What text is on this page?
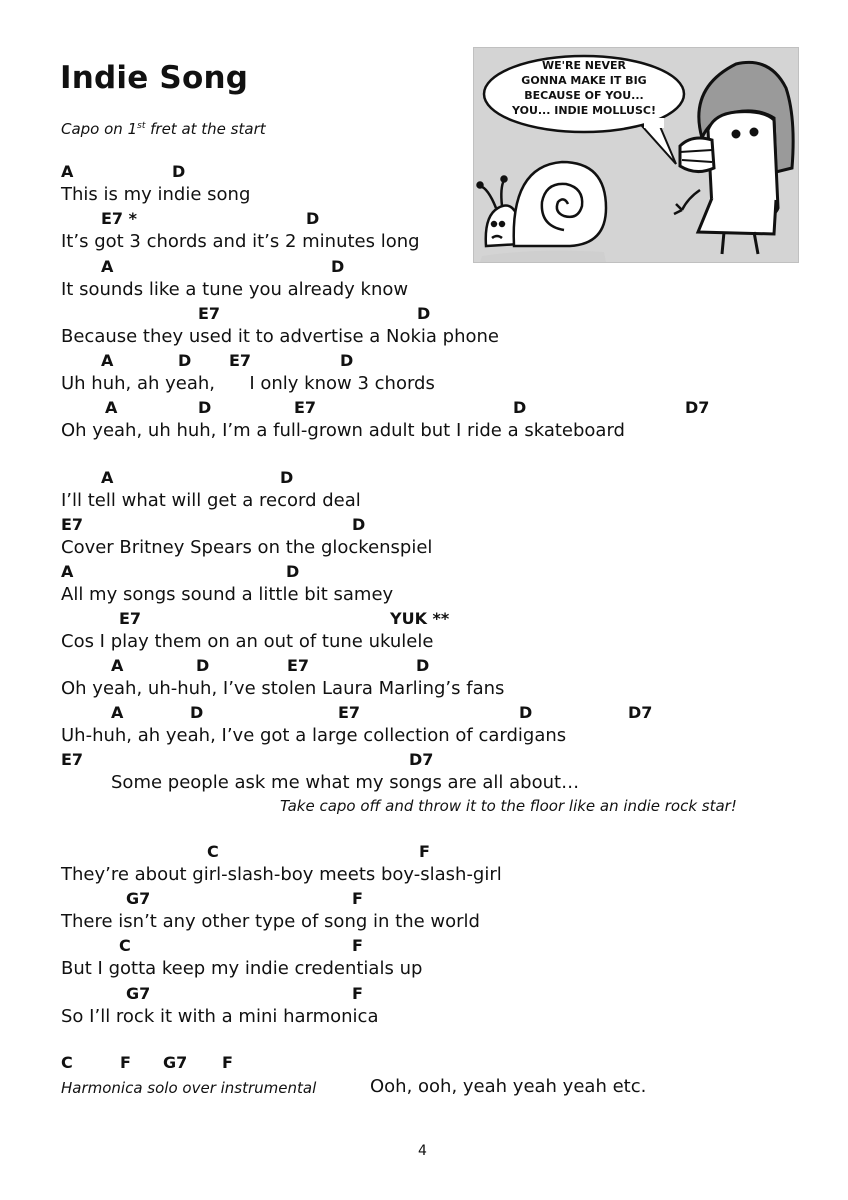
Indie Song
Capo on 1st fret at the start
WE'RE NEVER
GONNA MAKE IT BIG
BECAUSE OF YOU...
YOU... INDIE MOLLUSC!
A	D
This is my indie song
E7 *	D
It’s got 3 chords and it’s 2 minutes long
A	D
It sounds like a tune you already know
E7	D
Because they used it to advertise a Nokia phone
A	D E7	D
Uh huh, ah yeah,      I only know 3 chords
A	D	E7	D	D7
Oh yeah, uh huh, I’m a full-grown adult but I ride a skateboard
A	D
I’ll tell what will get a record deal
E7	D
Cover Britney Spears on the glockenspiel
A	D
All my songs sound a little bit samey
E7	YUK **
Cos I play them on an out of tune ukulele
A	D	E7	D
Oh yeah, uh-huh, I’ve stolen Laura Marling’s fans
A	D	E7	D	D7
Uh-huh, ah yeah, I’ve got a large collection of cardigans
E7	D7
Some people ask me what my songs are all about…
Take capo off and throw it to the floor like an indie rock star!
C	F
They’re about girl-slash-boy meets boy-slash-girl
G7	F
There isn’t any other type of song in the world
C	F
But I gotta keep my indie credentials up
G7	F
So I’ll rock it with a mini harmonica
C	F G7 F
Harmonica solo over instrumental	Ooh, ooh, yeah yeah yeah etc.
4
